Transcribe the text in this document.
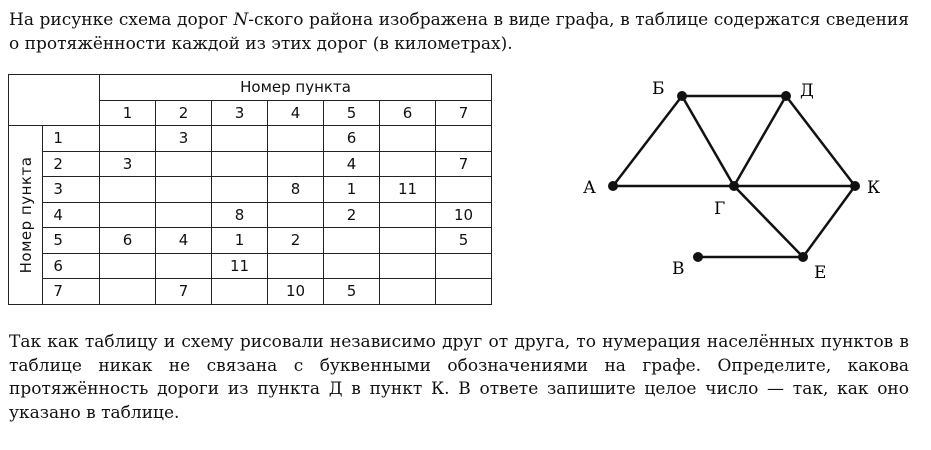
На рисунке схема дорог N-ского района изображена в виде графа, в таблице содержатся сведения о протяжённости каждой из этих дорог (в километрах).

		Номер пункта						
		1	2	3	4	5	6	7

Номер пункта	1		3			6		
	2	3				4		7
	3				8	1	11	
	4			8		2		10
	5	6	4	1	2			5
	6			11				
	7		7		10	5		
А
Б	Д
Г
К
В	Е

Так как таблицу и схему рисовали независимо друг от друга, то нумерация населённых пунктов в таблице никак не связана с буквенными обозначениями на графе. Определите, какова протяжённость дороги из пункта Д в пункт К. В ответе запишите целое число — так, как оно указано в таблице.
